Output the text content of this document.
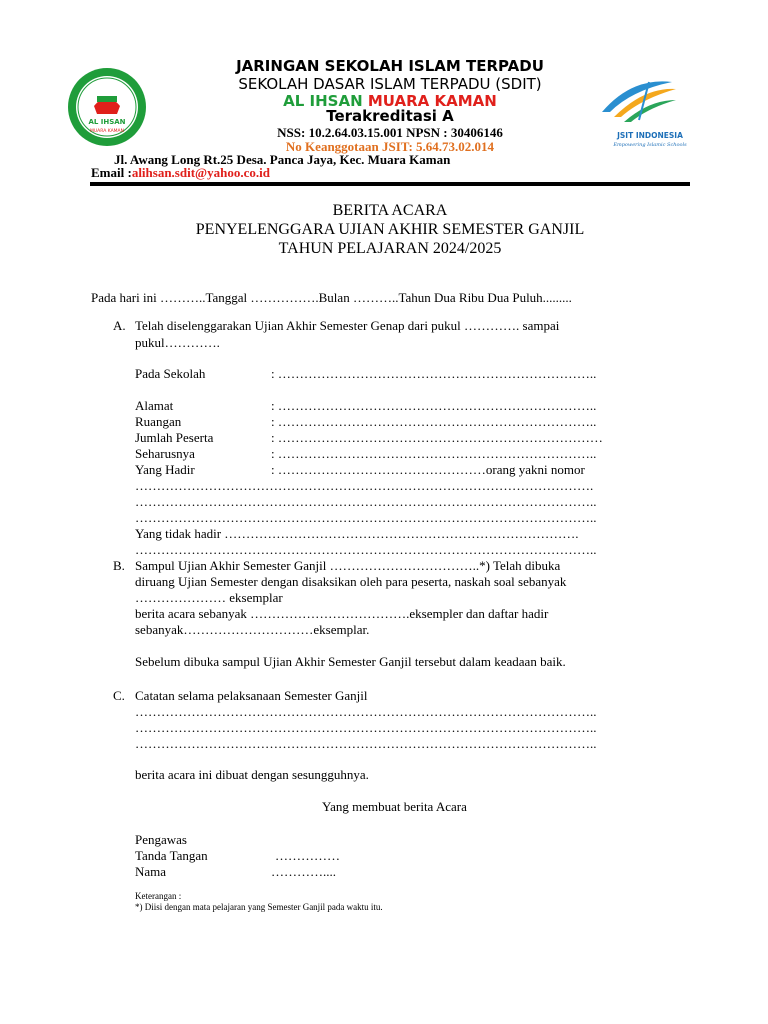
AL IHSAN
MUARA KAMAN
JARINGAN SEKOLAH ISLAM TERPADU
SEKOLAH DASAR ISLAM TERPADU (SDIT)
AL IHSAN MUARA KAMAN
Terakreditasi A
NSS: 10.2.64.03.15.001 NPSN : 30406146
No Keanggotaan JSIT: 5.64.73.02.014
JSIT INDONESIA
Empowering Islamic Schools
Jl. Awang Long Rt.25 Desa. Panca Jaya, Kec. Muara Kaman
Email :alihsan.sdit@yahoo.co.id
BERITA ACARA
PENYELENGGARA UJIAN AKHIR SEMESTER GANJIL
TAHUN PELAJARAN 2024/2025
Pada hari ini ………..Tanggal …………….Bulan ………..Tahun Dua Ribu Dua Puluh.........
A. Telah diselenggarakan Ujian Akhir Semester Genap dari pukul …………. sampai
pukul………….
Pada Sekolah	: ………………………………………………………………..
Alamat	: ………………………………………………………………..
Ruangan	: ………………………………………………………………..
Jumlah Peserta	: …………………………………………………………………
Seharusnya	: ………………………………………………………………..
Yang Hadir	: …………………………………………orang yakni nomor
…………………………………………………………………………………………….
……………………………………………………………………………………………..
……………………………………………………………………………………………..
Yang tidak hadir ……………………………………………………………………….
……………………………………………………………………………………………..
B. Sampul Ujian Akhir Semester Ganjil ……………………………..*) Telah dibuka
diruang Ujian Semester dengan disaksikan oleh para peserta, naskah soal sebanyak
………………… eksemplar
berita acara sebanyak ……………………………….eksempler dan daftar hadir
sebanyak…………………………eksemplar.
Sebelum dibuka sampul Ujian Akhir Semester Ganjil tersebut dalam keadaan baik.
C. Catatan selama pelaksanaan Semester Ganjil
……………………………………………………………………………………………..
……………………………………………………………………………………………..
……………………………………………………………………………………………..
berita acara ini dibuat dengan sesungguhnya.
Yang membuat berita Acara
Pengawas
Tanda Tangan	……………
Nama	…………....
Keterangan :
*) Diisi dengan mata pelajaran yang Semester Ganjil pada waktu itu.
